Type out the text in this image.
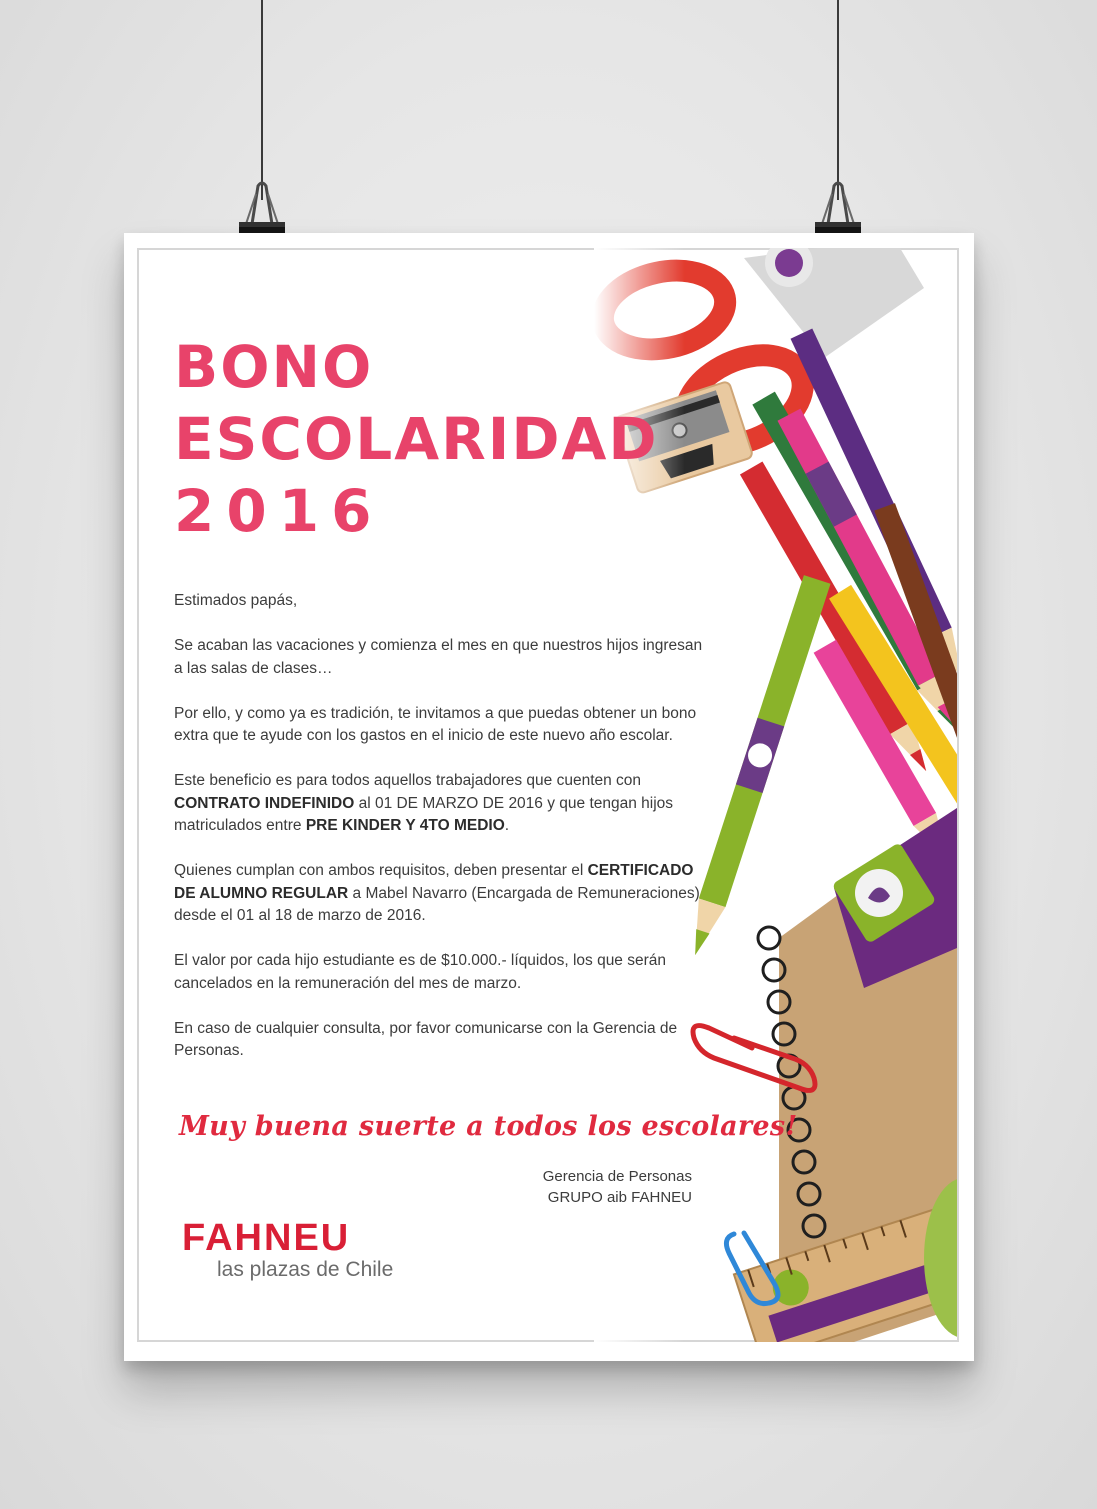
BONO
ESCOLARIDAD
2016

Estimados papás,

Se acaban las vacaciones y comienza el mes en que nuestros hijos ingresan a las salas de clases…

Por ello, y como ya es tradición, te invitamos a que puedas obtener un bono extra que te ayude con los gastos en el inicio de este nuevo año escolar.

Este beneficio es para todos aquellos trabajadores que cuenten con CONTRATO INDEFINIDO al 01 DE MARZO DE 2016 y que tengan hijos matriculados entre PRE KINDER Y 4TO MEDIO.

Quienes cumplan con ambos requisitos, deben presentar el CERTIFICADO DE ALUMNO REGULAR a Mabel Navarro (Encargada de Remuneraciones) desde el 01 al 18 de marzo de 2016.

El valor por cada hijo estudiante es de $10.000.- líquidos, los que serán cancelados en la remuneración del mes de marzo.

En caso de cualquier consulta, por favor comunicarse con la Gerencia de Personas.

Muy buena suerte a todos los escolares!

Gerencia de Personas
GRUPO aib FAHNEU
FAHNEU
las plazas de Chile
